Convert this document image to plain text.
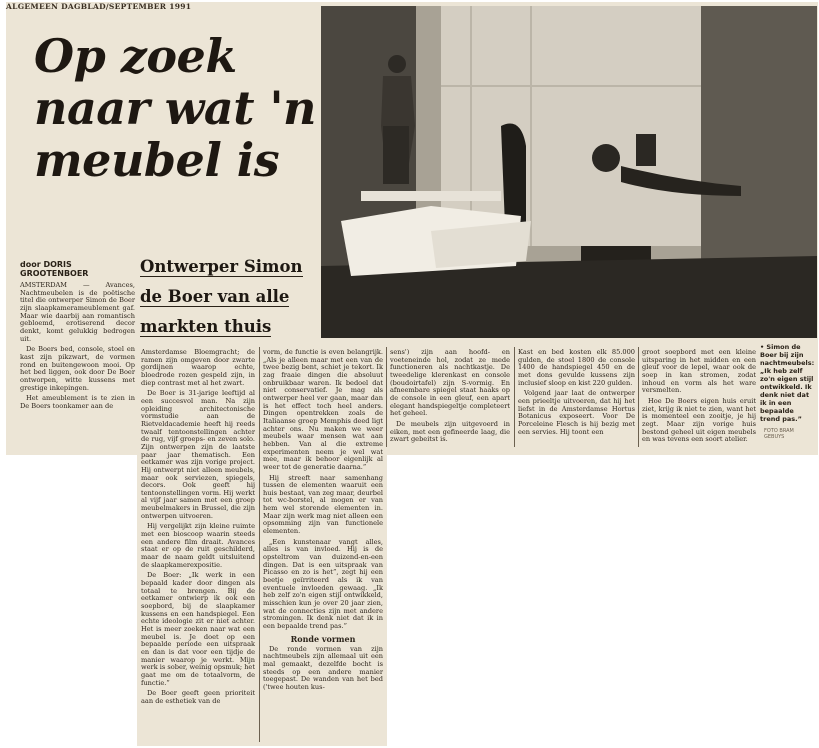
ALGEMEEN DAGBLAD/SEPTEMBER 1991
Op zoek naar wat 'n meubel is
door DORIS
GROOTENBOER	Ontwerper Simon
de Boer van alle
markten thuis
• Simon de Boer bij zijn nachtmeubels: „Ik heb zelf zo'n eigen stijl ontwikkeld. Ik denk niet dat ik in een bepaalde trend pas.”
FOTO BRAM GEBUYS

AMSTERDAM — Avances, Nachtmeubelen is de poëtische titel die ontwerper Simon de Boer zijn slaapkamerameublement gaf. Maar wie daarbij aan romantisch gebloemd, erotiserend decor denkt, komt gelukkig bedrogen uit.

De Boers bed, console, stoel en kast zijn pikzwart, de vormen rond en buitengewoon mooi. Op het bed liggen, ook door De Boer ontworpen, witte kussens met grestige inkepingen.

Het ameublement is te zien in De Boers toonkamer aan de

Amsterdamse Bloemgracht; de ramen zijn omgeven door zwarte gordijnen waarop echte, bloedrode rozen gespeld zijn, in diep contrast met al het zwart.

De Boer is 31-jarige leeftijd al een succesvol man. Na zijn opleiding architectonische vormstudie aan de Rietveldacademie heeft hij reeds twaalf tentoonstellingen achter de rug, vijf groeps- en zeven solo. Zijn ontwerpen zijn de laatste paar jaar thematisch. Een eetkamer was zijn vorige project. Hij ontwerpt niet alleen meubels, maar ook serviezen, spiegels, decors. Ook geeft hij tentoonstellingen vorm. Hij werkt al vijf jaar samen met een groep meubelmakers in Brussel, die zijn ontwerpen uitvoeren.

Hij vergelijkt zijn kleine ruimte met een bioscoop waarin steeds een andere film draait. Avances staat er op de ruit geschilderd, maar de naam geldt uitsluitend de slaapkamerexpositie.

De Boer: „Ik werk in een bepaald kader door dingen als totaal te brengen. Bij de eetkamer ontwierp ik ook een soepbord, bij de slaapkamer kussens en een handspiegel. Een echte ideologie zit er niet achter. Het is meer zoeken naar wat een meubel is. Je doet op een bepaalde periode een uitspraak en dan is dat voor een tijdje de manier waarop je werkt. Mijn werk is sober, weinig opsmuk; het gaat me om de totaalvorm, de functie.”

De Boer geeft geen prioriteit aan de esthetiek van de

vorm, de functie is even belangrijk. „Als je alleen maar met een van de twee bezig bent, schiet je tekort. Ik zag fraaie dingen die absoluut onbruikbaar waren. Ik bedoel dat niet conservatief. Je mag als ontwerper heel ver gaan, maar dan is het effect toch heel anders. Dingen opentrekken zoals de Italiaanse groep Memphis deed ligt achter ons. Nu maken we weer meubels waar mensen wat aan hebben. Van al die extreme experimenten neem je wel wat mee, maar ik behoor eigenlijk al weer tot de generatie daarna.”

Hij streeft naar samenhang tussen de elementen waaruit een huis bestaat, van zeg maar, deurbel tot wc-borstel, al mogen er van hem wel storende elementen in. Maar zijn werk mag niet alleen een opsomming zijn van functionele elementen.

„Een kunstenaar vangt alles, alles is van invloed. Hij is de opsteltrom van duizend-en-een dingen. Dat is een uitspraak van Picasso en zo is het”, zegt hij een beetje geïrriteerd als ik van eventuele invloeden gewaag. „Ik heb zelf zo'n eigen stijl ontwikkeld, misschien kun je over 20 jaar zien, wat de connecties zijn met andere stromingen. Ik denk niet dat ik in een bepaalde trend pas.”

Ronde vormen

De ronde vormen van zijn nachtmeubels zijn allemaal uit een mal gemaakt, dezelfde bocht is steeds op een andere manier toegepast. De wanden van het bed ('twee houten kus-

sens') zijn aan hoofd- en voeteneinde hol, zodat ze mede functioneren als nachtkastje. De tweedelige klerenkast en console (boudoirtafel) zijn S-vormig. En afneembare spiegel staat haaks op de console in een gleuf, een apart elegant handspiegeltje completeert het geheel.

De meubels zijn uitgevoerd in eiken, met een gefineerde laag, die zwart gebeitst is.

Kast en bed kosten elk 85.000 gulden, de stoel 1800 de console 1400 de handspiegel 450 en de met dons gevulde kussens zijn inclusief sloop en kist 220 gulden.

Volgend jaar laat de ontwerper een prieeltje uitvoeren, dat hij het liefst in de Amsterdamse Hortus Botanicus exposeert. Voor De Porceleine Flesch is hij bezig met een servies. Hij toont een

groot soepbord met een kleine uitsparing in het midden en een gleuf voor de lepel, waar ook de soep in kan stromen, zodat inhoud en vorm als het ware versmelten.

Hoe De Boers eigen huis eruit ziet, krijg ik niet te zien, want het is momenteel een zooitje, je hij zegt. Maar zijn vorige huis bestond geheel uit eigen meubels en was tevens een soort atelier.
